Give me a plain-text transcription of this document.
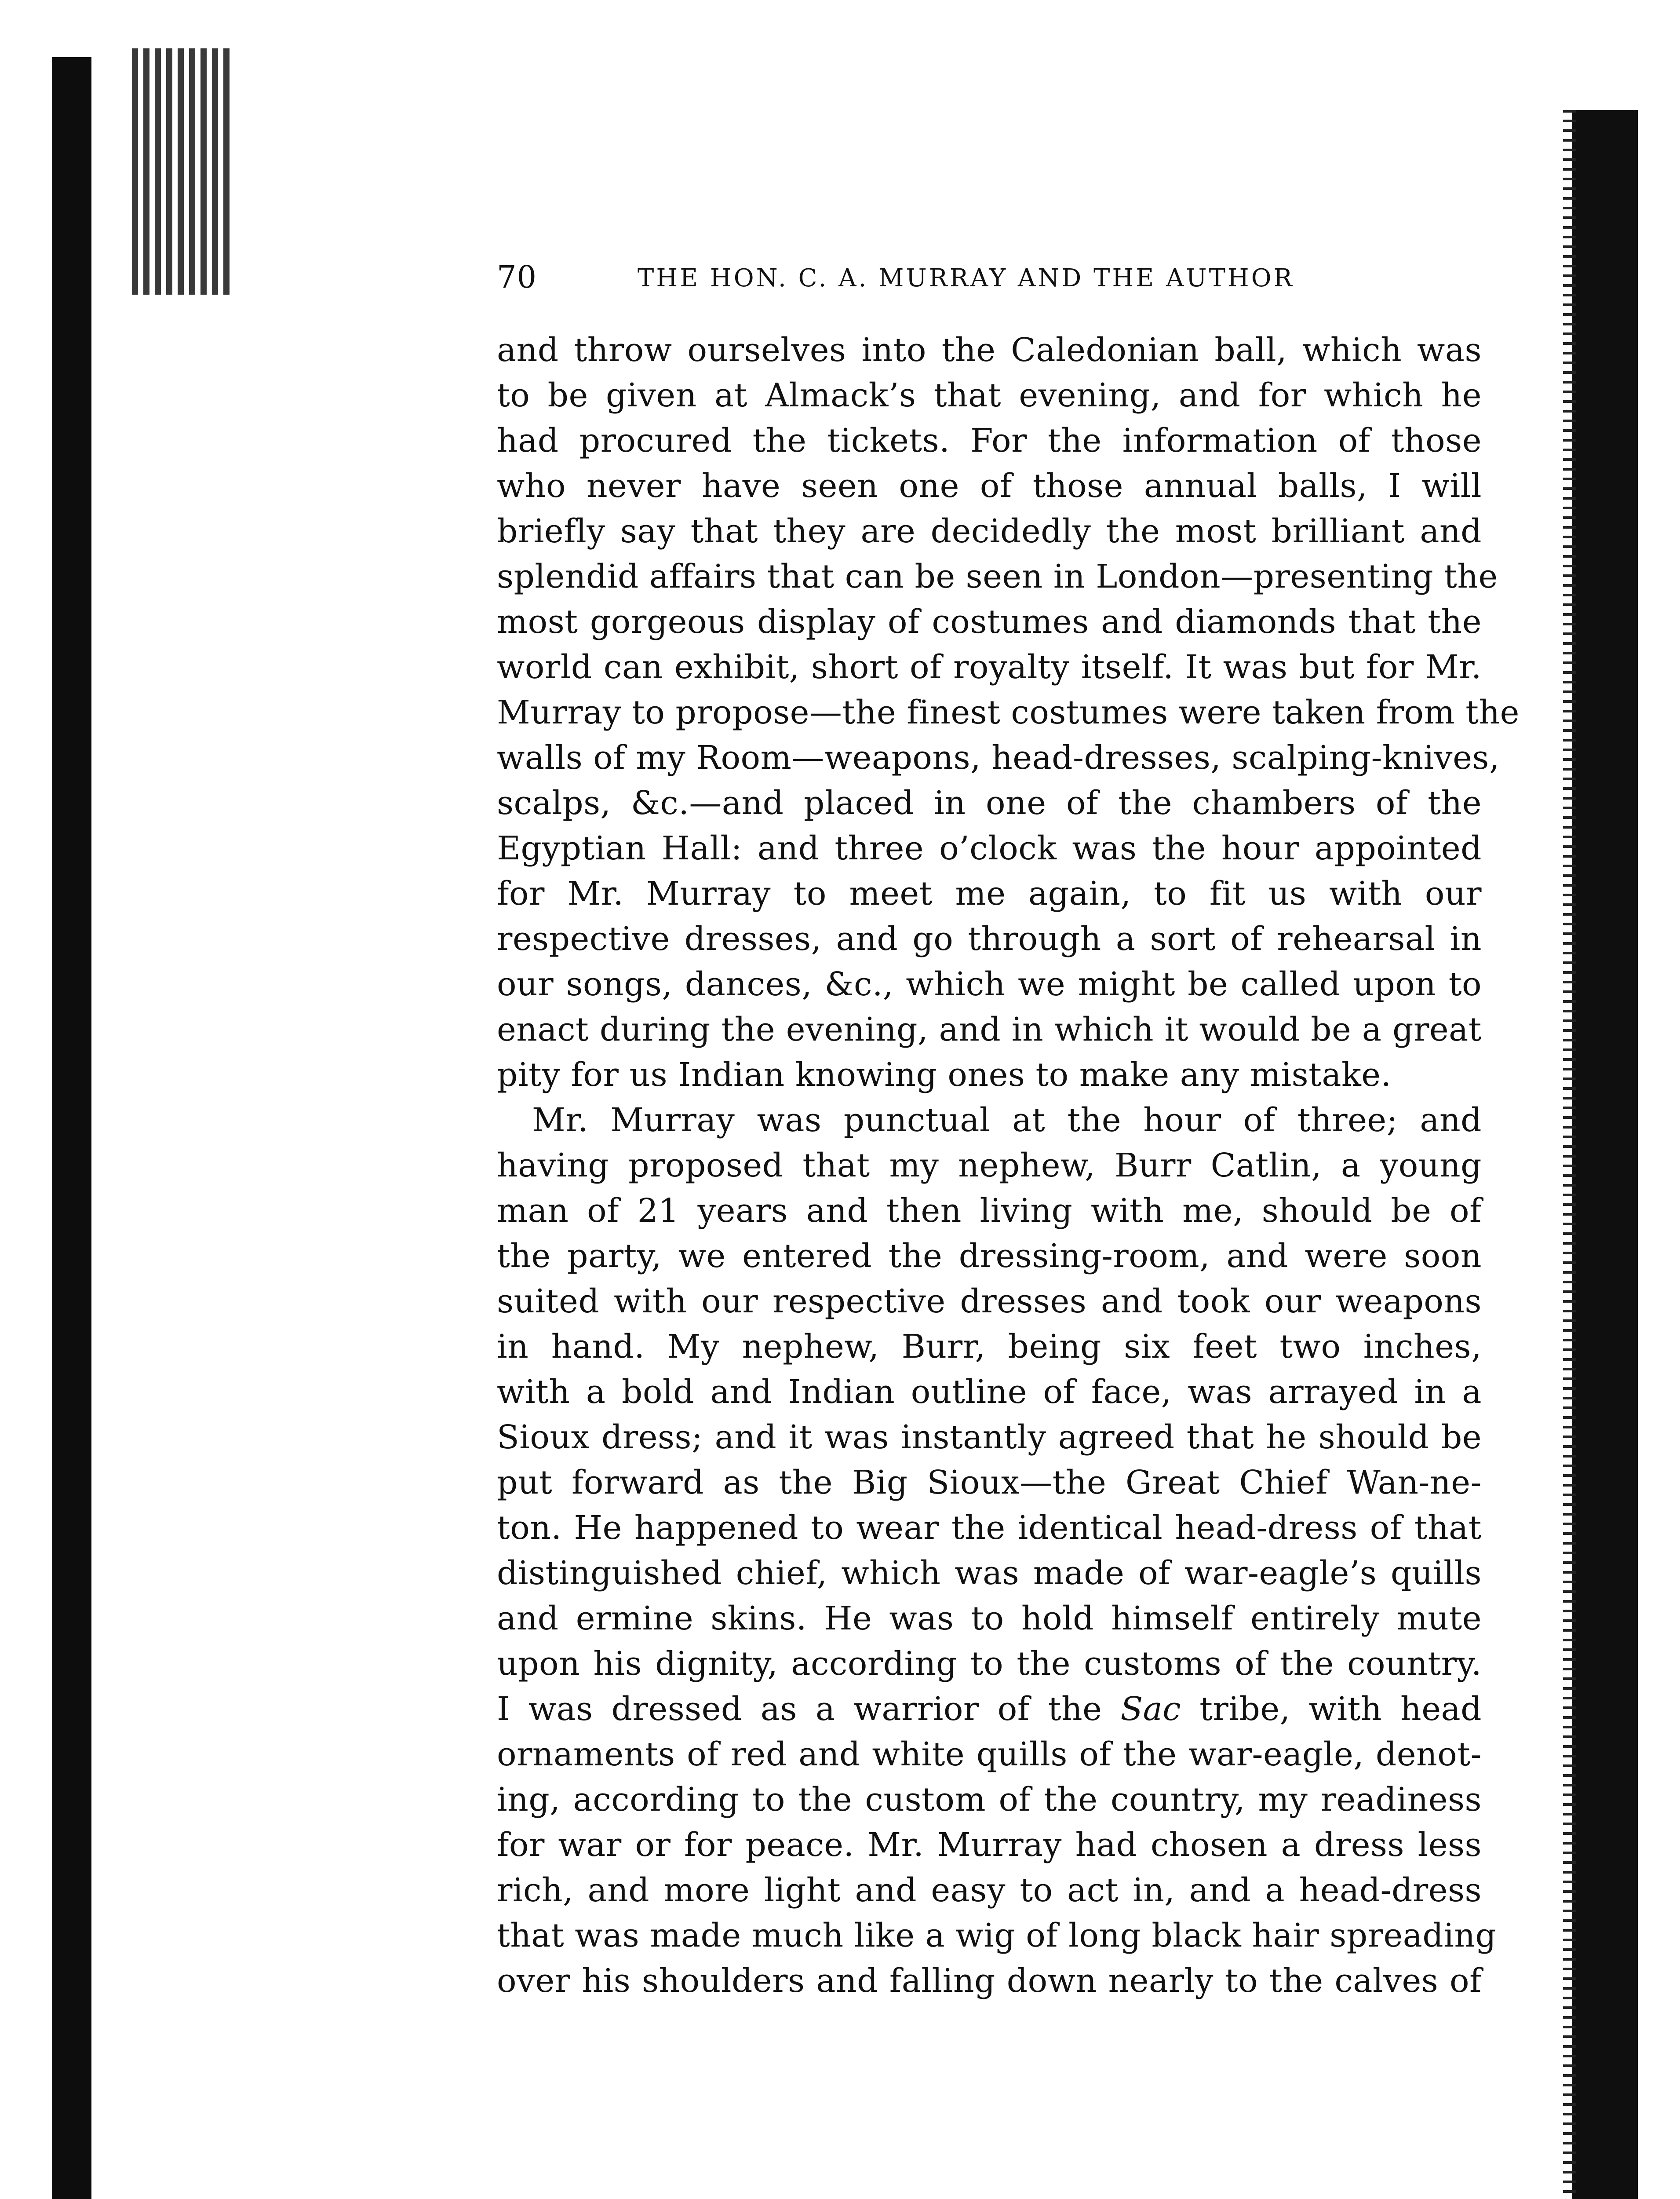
70	THE HON. C. A. MURRAY AND THE AUTHOR
and throw ourselves into the Caledonian ball, which was
to be given at Almack’s that evening, and for which he
had procured the tickets. For the information of those
who never have seen one of those annual balls, I will
briefly say that they are decidedly the most brilliant and
splendid affairs that can be seen in London—presenting the
most gorgeous display of costumes and diamonds that the
world can exhibit, short of royalty itself. It was but for Mr.
Murray to propose—the finest costumes were taken from the
walls of my Room—weapons, head-dresses, scalping-knives,
scalps, &c.—and placed in one of the chambers of the
Egyptian Hall: and three o’clock was the hour appointed
for Mr. Murray to meet me again, to fit us with our
respective dresses, and go through a sort of rehearsal in
our songs, dances, &c., which we might be called upon to
enact during the evening, and in which it would be a great
pity for us Indian knowing ones to make any mistake.
Mr. Murray was punctual at the hour of three; and
having proposed that my nephew, Burr Catlin, a young
man of 21 years and then living with me, should be of
the party, we entered the dressing-room, and were soon
suited with our respective dresses and took our weapons
in hand. My nephew, Burr, being six feet two inches,
with a bold and Indian outline of face, was arrayed in a
Sioux dress; and it was instantly agreed that he should be
put forward as the Big Sioux—the Great Chief Wan-ne-
ton. He happened to wear the identical head-dress of that
distinguished chief, which was made of war-eagle’s quills
and ermine skins. He was to hold himself entirely mute
upon his dignity, according to the customs of the country.
I was dressed as a warrior of the Sac tribe, with head
ornaments of red and white quills of the war-eagle, denot-
ing, according to the custom of the country, my readiness
for war or for peace. Mr. Murray had chosen a dress less
rich, and more light and easy to act in, and a head-dress
that was made much like a wig of long black hair spreading
over his shoulders and falling down nearly to the calves of
